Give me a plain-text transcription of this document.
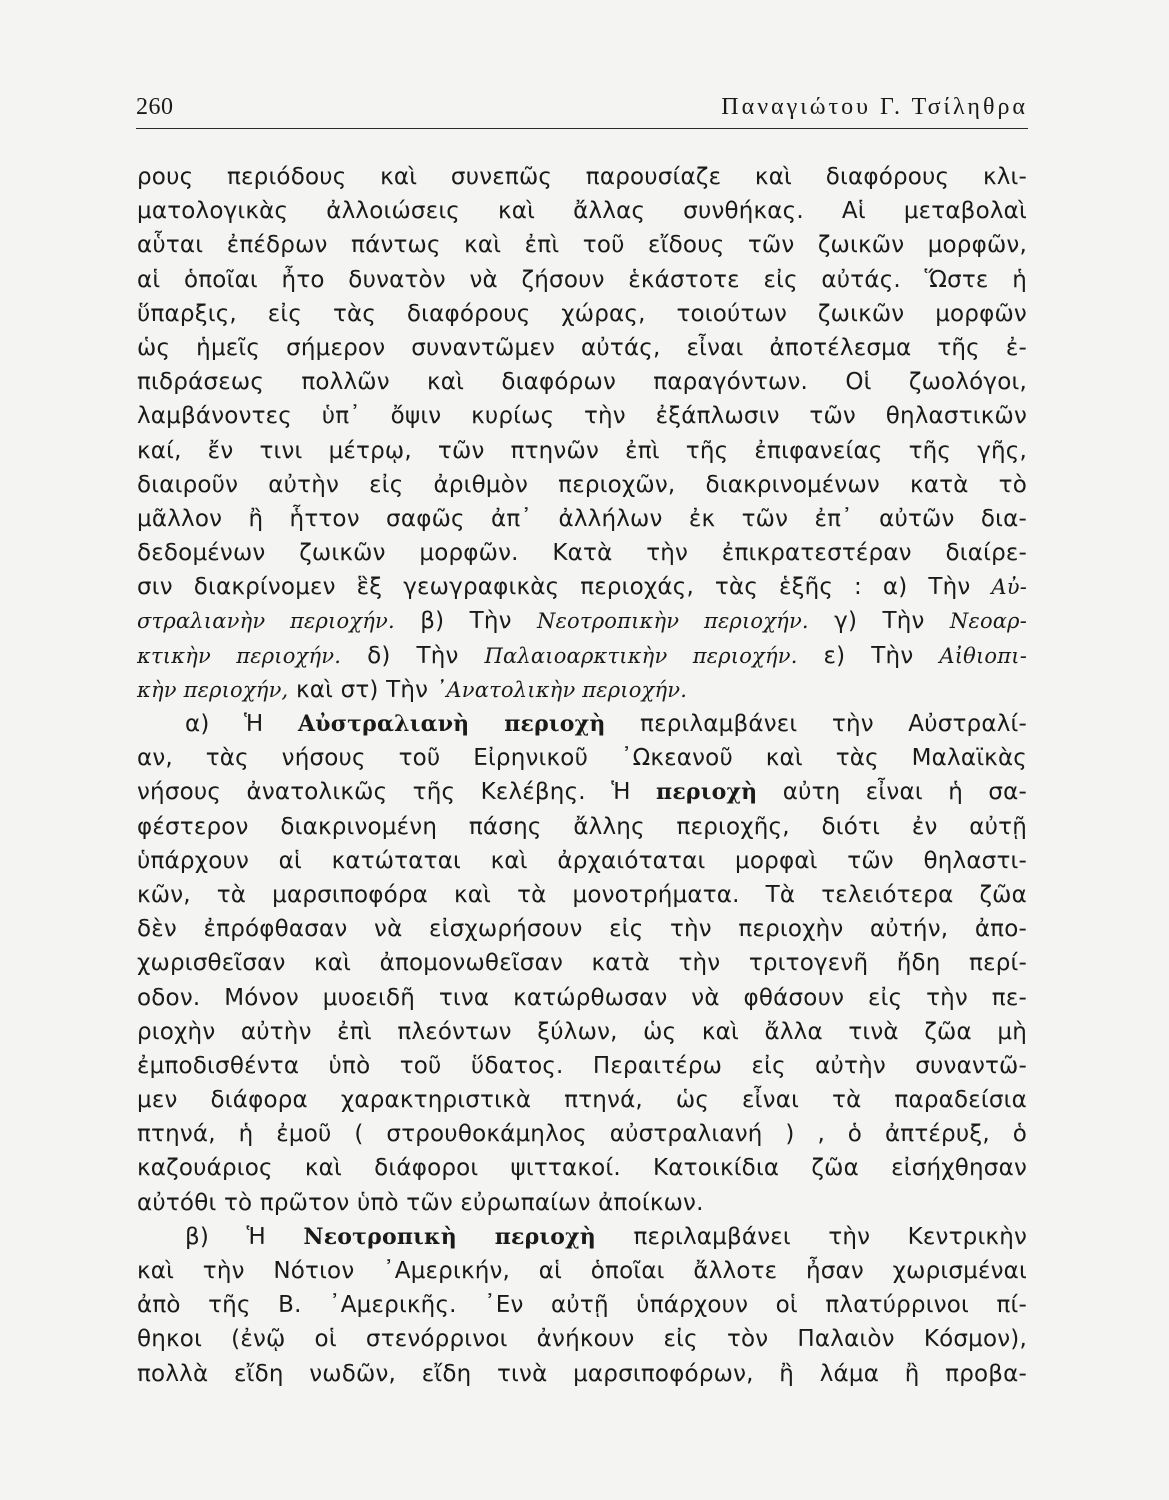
260	Παναγιώτου Γ. Τσίληθρα
ρους περιόδους καὶ συνεπῶς παρουσίαζε καὶ διαφόρους κλι-
ματολογικὰς ἀλλοιώσεις καὶ ἄλλας συνθήκας. Αἱ μεταβολαὶ
αὗται ἐπέδρων πάντως καὶ ἐπὶ τοῦ εἴδους τῶν ζωικῶν μορφῶν,
αἱ ὁποῖαι ἦτο δυνατὸν νὰ ζήσουν ἑκάστοτε εἰς αὐτάς. Ὥστε ἡ
ὕπαρξις, εἰς τὰς διαφόρους χώρας, τοιούτων ζωικῶν μορφῶν
ὡς ἡμεῖς σήμερον συναντῶμεν αὐτάς, εἶναι ἀποτέλεσμα τῆς ἐ-
πιδράσεως πολλῶν καὶ διαφόρων παραγόντων. Οἱ ζωολόγοι,
λαμβάνοντες ὑπ᾽ ὄψιν κυρίως τὴν ἐξάπλωσιν τῶν θηλαστικῶν
καί, ἔν τινι μέτρῳ, τῶν πτηνῶν ἐπὶ τῆς ἐπιφανείας τῆς γῆς,
διαιροῦν αὐτὴν εἰς ἀριθμὸν περιοχῶν, διακρινομένων κατὰ τὸ
μᾶλλον ἢ ἧττον σαφῶς ἀπ᾽ ἀλλήλων ἐκ τῶν ἐπ᾽ αὐτῶν δια-
δεδομένων ζωικῶν μορφῶν. Κατὰ τὴν ἐπικρατεστέραν διαίρε-
σιν διακρίνομεν ἓξ γεωγραφικὰς περιοχάς, τὰς ἑξῆς : α) Τὴν Αὐ-
στραλιανὴν περιοχήν. β) Τὴν Νεοτροπικὴν περιοχήν. γ) Τὴν Νεοαρ-
κτικὴν περιοχήν. δ) Τὴν Παλαιοαρκτικὴν περιοχήν. ε) Τὴν Αἰθιοπι-
κὴν περιοχήν, καὶ στ) Τὴν ᾿Ανατολικὴν περιοχήν.
α) Ἡ Αὐστραλιανὴ περιοχὴ περιλαμβάνει τὴν Αὐστραλί-
αν, τὰς νήσους τοῦ Εἰρηνικοῦ ᾿Ωκεανοῦ καὶ τὰς Μαλαϊκὰς
νήσους ἀνατολικῶς τῆς Κελέβης. Ἡ περιοχὴ αὐτη εἶναι ἡ σα-
φέστερον διακρινομένη πάσης ἄλλης περιοχῆς, διότι ἐν αὐτῇ
ὑπάρχουν αἱ κατώταται καὶ ἀρχαιόταται μορφαὶ τῶν θηλαστι-
κῶν, τὰ μαρσιποφόρα καὶ τὰ μονοτρήματα. Τὰ τελειότερα ζῶα
δὲν ἐπρόφθασαν νὰ εἰσχωρήσουν εἰς τὴν περιοχὴν αὐτήν, ἀπο-
χωρισθεῖσαν καὶ ἀπομονωθεῖσαν κατὰ τὴν τριτογενῆ ἤδη περί-
οδον. Μόνον μυοειδῆ τινα κατώρθωσαν νὰ φθάσουν εἰς τὴν πε-
ριοχὴν αὐτὴν ἐπὶ πλεόντων ξύλων, ὡς καὶ ἄλλα τινὰ ζῶα μὴ
ἐμποδισθέντα ὑπὸ τοῦ ὕδατος. Περαιτέρω εἰς αὐτὴν συναντῶ-
μεν διάφορα χαρακτηριστικὰ πτηνά, ὡς εἶναι τὰ παραδείσια
πτηνά, ἡ ἐμοῦ ( στρουθοκάμηλος αὐστραλιανή ) , ὁ ἀπτέρυξ, ὁ
καζουάριος καὶ διάφοροι ψιττακοί. Κατοικίδια ζῶα εἰσήχθησαν
αὐτόθι τὸ πρῶτον ὑπὸ τῶν εὐρωπαίων ἀποίκων.
β) Ἡ Νεοτροπικὴ περιοχὴ περιλαμβάνει τὴν Κεντρικὴν
καὶ τὴν Νότιον ᾿Αμερικήν, αἱ ὁποῖαι ἄλλοτε ἦσαν χωρισμέναι
ἀπὸ τῆς Β. ᾿Αμερικῆς. ᾿Εν αὐτῇ ὑπάρχουν οἱ πλατύρρινοι πί-
θηκοι (ἐνῷ οἱ στενόρρινοι ἀνήκουν εἰς τὸν Παλαιὸν Κόσμον),
πολλὰ εἴδη νωδῶν, εἴδη τινὰ μαρσιποφόρων, ἢ λάμα ἢ προβα-
